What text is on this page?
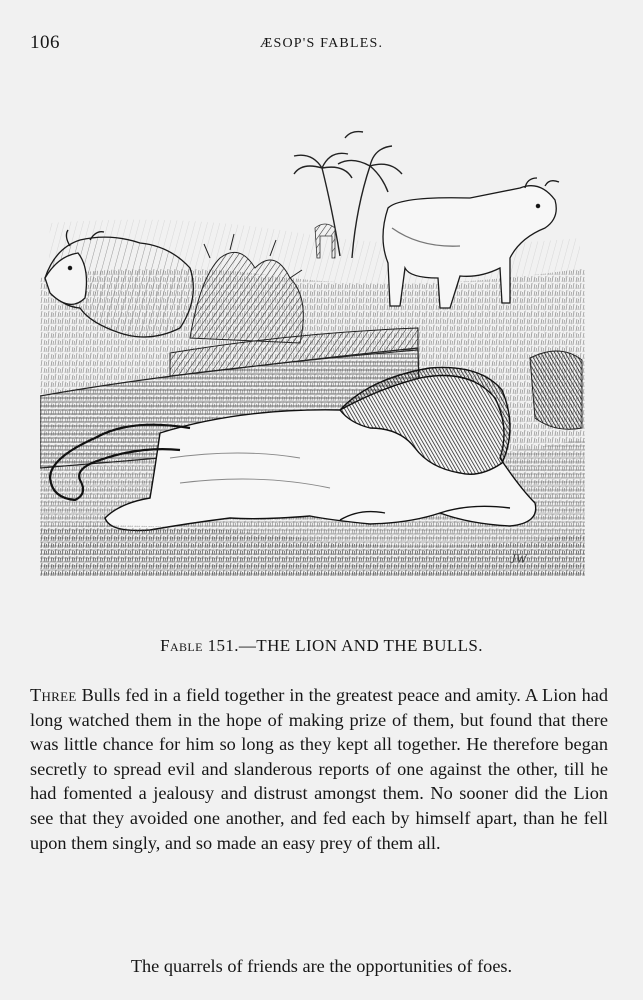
106	ÆSOP'S FABLES.
JW
Fable 151.—THE LION AND THE BULLS.

Three Bulls fed in a field together in the greatest peace and amity. A Lion had long watched them in the hope of making prize of them, but found that there was little chance for him so long as they kept all together. He therefore began secretly to spread evil and slanderous reports of one against the other, till he had fomented a jealousy and distrust amongst them. No sooner did the Lion see that they avoided one another, and fed each by himself apart, than he fell upon them singly, and so made an easy prey of them all.

The quarrels of friends are the opportunities of foes.
